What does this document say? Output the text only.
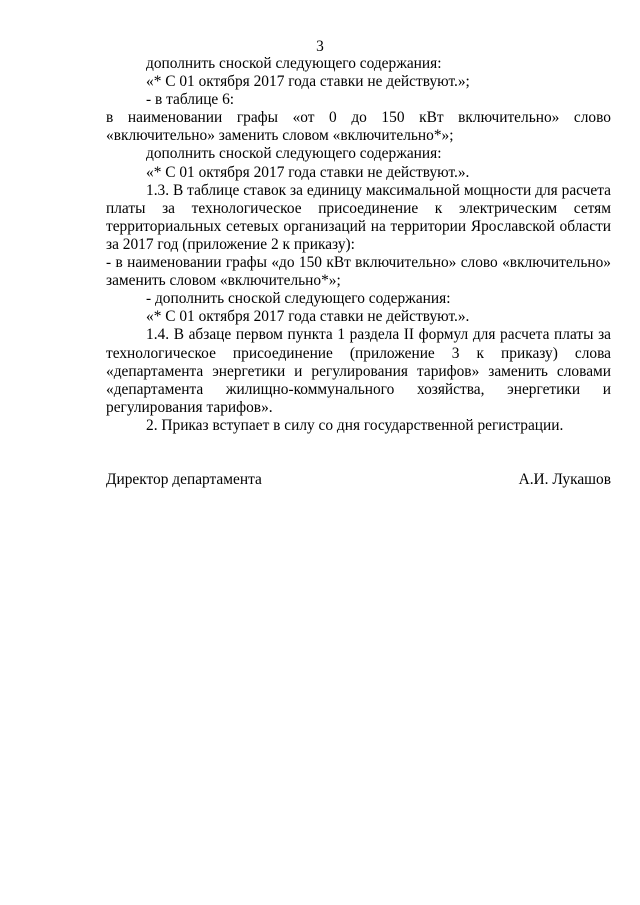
3

дополнить сноской следующего содержания:

«* С 01 октября 2017 года ставки не действуют.»;

- в таблице 6:

в наименовании графы «от 0 до 150 кВт включительно» слово «включительно» заменить словом «включительно*»;

дополнить сноской следующего содержания:

«* С 01 октября 2017 года ставки не действуют.».

1.3. В таблице ставок за единицу максимальной мощности для расчета платы за технологическое присоединение к электрическим сетям территориальных сетевых организаций на территории Ярославской области за 2017 год (приложение 2 к приказу):

- в наименовании графы «до 150 кВт включительно» слово «включительно» заменить словом «включительно*»;

- дополнить сноской следующего содержания:

«* С 01 октября 2017 года ставки не действуют.».

1.4. В абзаце первом пункта 1 раздела II формул для расчета платы за технологическое присоединение (приложение 3 к приказу) слова «департамента энергетики и регулирования тарифов» заменить словами «департамента жилищно-коммунального хозяйства, энергетики и регулирования тарифов».

2. Приказ вступает в силу со дня государственной регистрации.

Директор департамента	А.И. Лукашов
